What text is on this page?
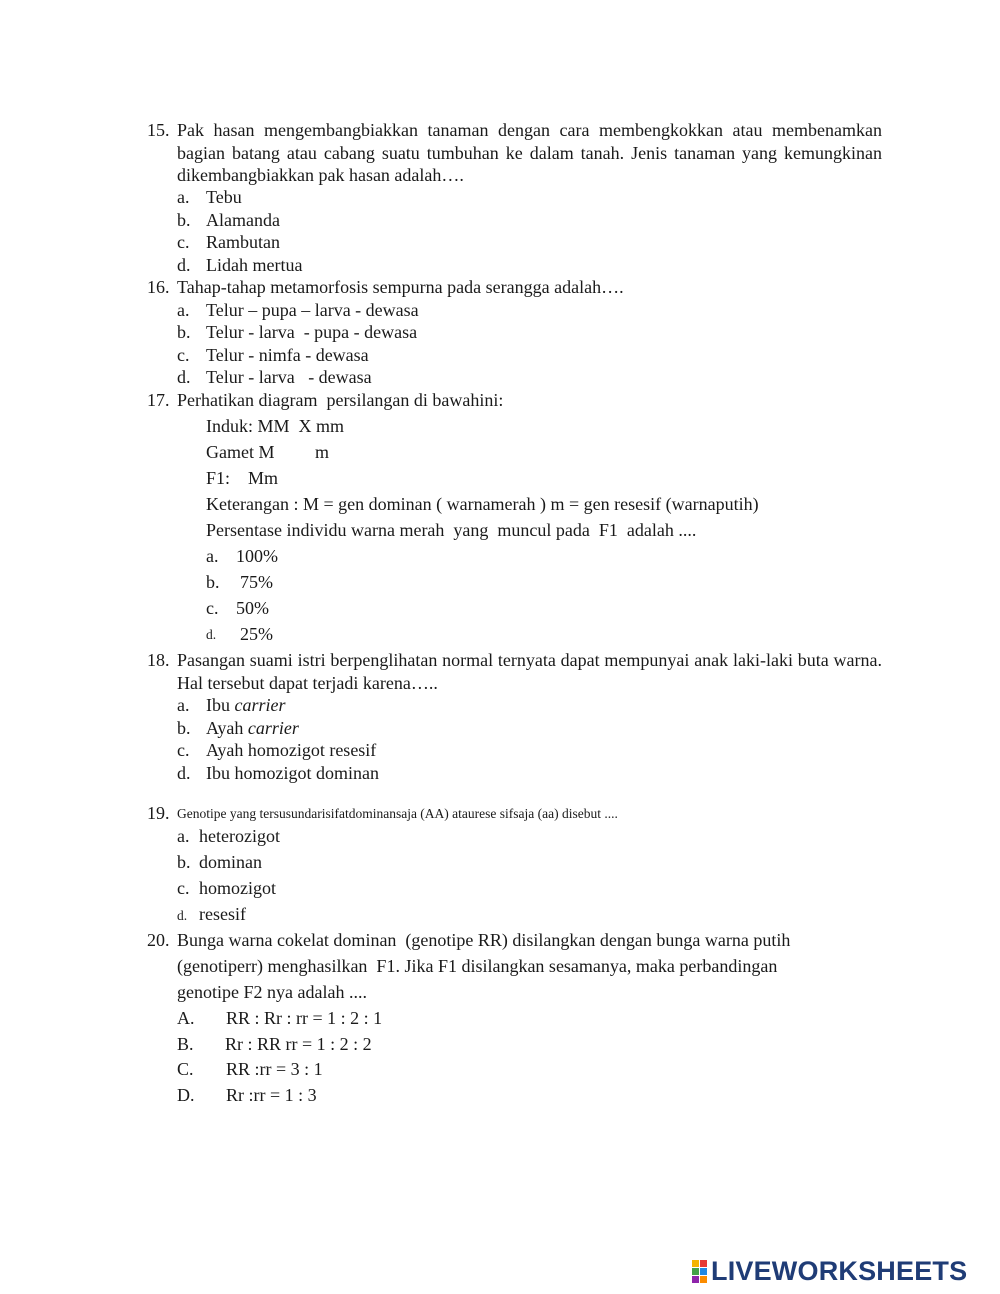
15. Pak hasan mengembangbiakkan tanaman dengan cara membengkokkan atau membenamkan bagian batang atau cabang suatu tumbuhan ke dalam tanah. Jenis tanaman yang kemungkinan dikembangbiakkan pak hasan adalah….
a. Tebu
b. Alamanda
c. Rambutan
d. Lidah mertua
16. Tahap-tahap metamorfosis sempurna pada serangga adalah….
a. Telur – pupa – larva - dewasa
b. Telur - larva  - pupa - dewasa
c. Telur - nimfa - dewasa
d. Telur - larva   - dewasa
17. Perhatikan diagram  persilangan di bawahini:
Induk: MM  X mm
Gamet M         m
F1:    Mm
Keterangan : M = gen dominan ( warnamerah ) m = gen resesif (warnaputih)
Persentase individu warna merah  yang  muncul pada  F1  adalah ....
a. 100%
b. 75%
c. 50%
d. 25%
18. Pasangan suami istri berpenglihatan normal ternyata dapat mempunyai anak laki-laki buta warna. Hal tersebut dapat terjadi karena…..
a. Ibu carrier
b. Ayah carrier
c. Ayah homozigot resesif
d. Ibu homozigot dominan
19. Genotipe yang tersusundarisifatdominansaja (AA) ataurese sifsaja (aa) disebut ....
a. heterozigot
b. dominan
c. homozigot
d. resesif
20. Bunga warna cokelat dominan  (genotipe RR) disilangkan dengan bunga warna putih
(genotiperr) menghasilkan  F1. Jika F1 disilangkan sesamanya, maka perbandingan
genotipe F2 nya adalah ....
A. RR : Rr : rr = 1 : 2 : 1
B. Rr : RR rr = 1 : 2 : 2
C. RR :rr = 3 : 1
D. Rr :rr = 1 : 3
LIVEWORKSHEETS
